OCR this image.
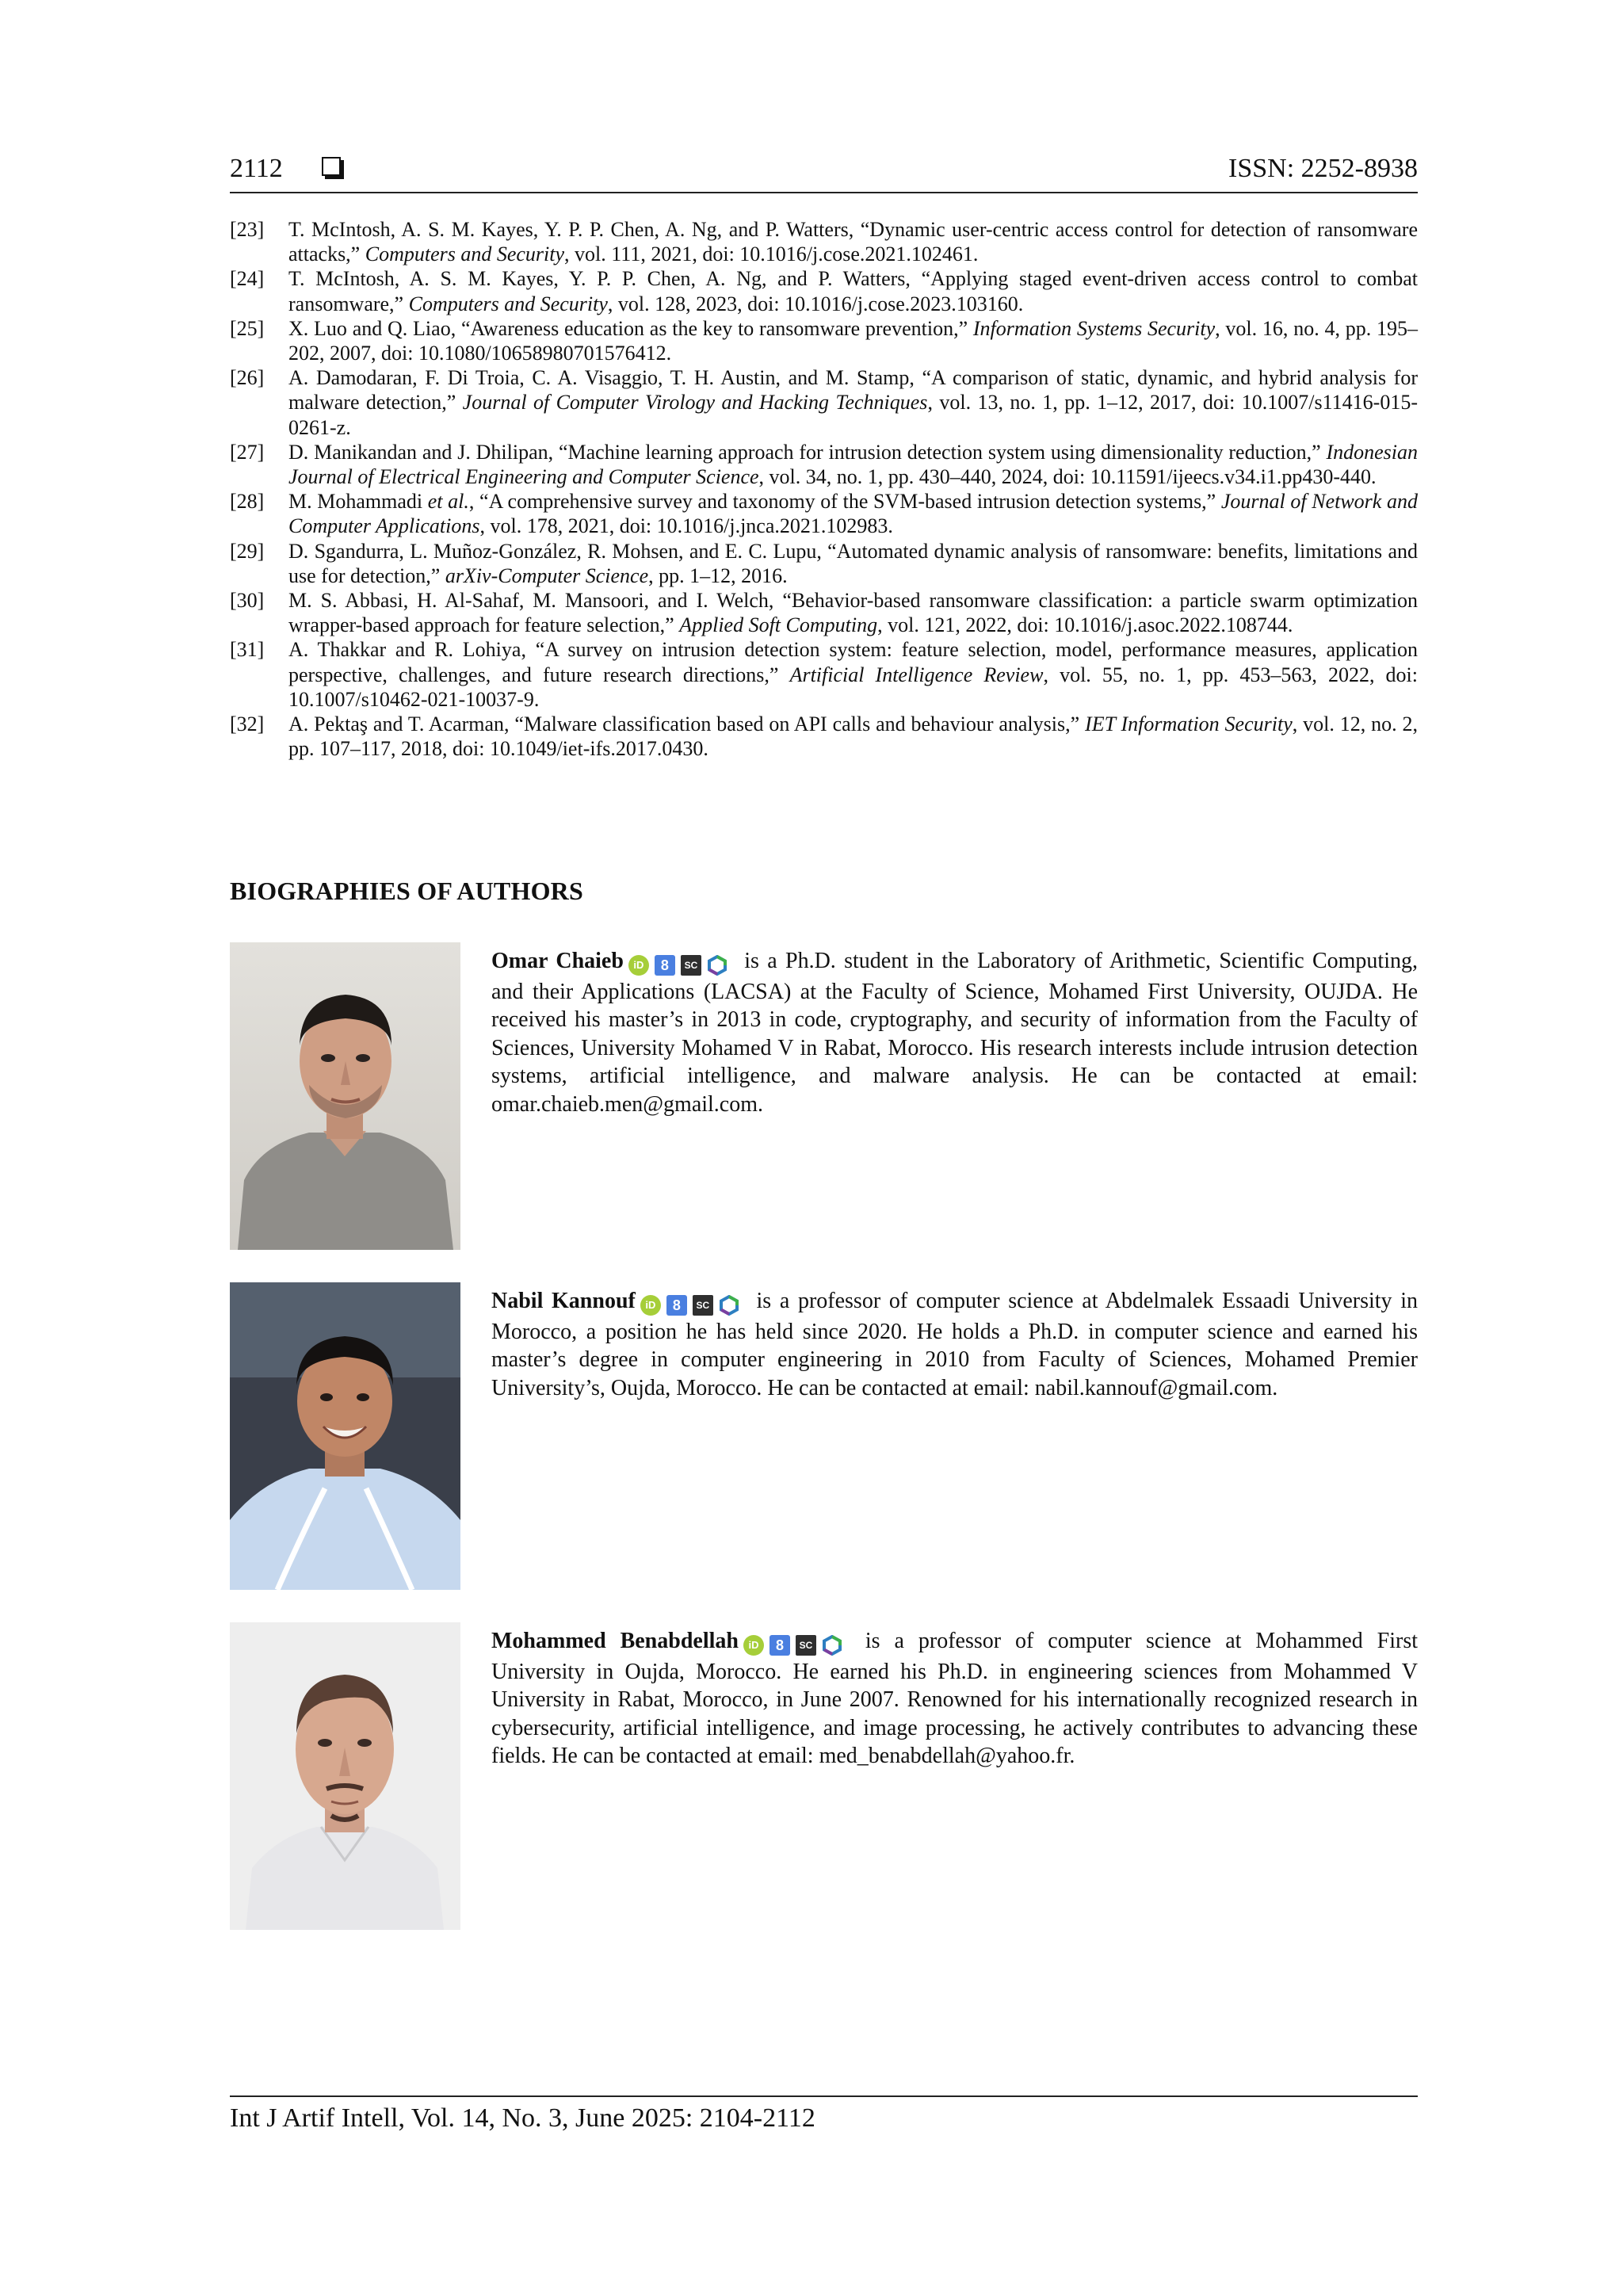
2112	ISSN: 2252-8938
[23]	T. McIntosh, A. S. M. Kayes, Y. P. P. Chen, A. Ng, and P. Watters, “Dynamic user-centric access control for detection of ransomware attacks,” Computers and Security, vol. 111, 2021, doi: 10.1016/j.cose.2021.102461.
[24]	T. McIntosh, A. S. M. Kayes, Y. P. P. Chen, A. Ng, and P. Watters, “Applying staged event-driven access control to combat ransomware,” Computers and Security, vol. 128, 2023, doi: 10.1016/j.cose.2023.103160.
[25]	X. Luo and Q. Liao, “Awareness education as the key to ransomware prevention,” Information Systems Security, vol. 16, no. 4, pp. 195–202, 2007, doi: 10.1080/10658980701576412.
[26]	A. Damodaran, F. Di Troia, C. A. Visaggio, T. H. Austin, and M. Stamp, “A comparison of static, dynamic, and hybrid analysis for malware detection,” Journal of Computer Virology and Hacking Techniques, vol. 13, no. 1, pp. 1–12, 2017, doi: 10.1007/s11416-015-0261-z.
[27]	D. Manikandan and J. Dhilipan, “Machine learning approach for intrusion detection system using dimensionality reduction,” Indonesian Journal of Electrical Engineering and Computer Science, vol. 34, no. 1, pp. 430–440, 2024, doi: 10.11591/ijeecs.v34.i1.pp430-440.
[28]	M. Mohammadi et al., “A comprehensive survey and taxonomy of the SVM-based intrusion detection systems,” Journal of Network and Computer Applications, vol. 178, 2021, doi: 10.1016/j.jnca.2021.102983.
[29]	D. Sgandurra, L. Muñoz-González, R. Mohsen, and E. C. Lupu, “Automated dynamic analysis of ransomware: benefits, limitations and use for detection,” arXiv-Computer Science, pp. 1–12, 2016.
[30]	M. S. Abbasi, H. Al-Sahaf, M. Mansoori, and I. Welch, “Behavior-based ransomware classification: a particle swarm optimization wrapper-based approach for feature selection,” Applied Soft Computing, vol. 121, 2022, doi: 10.1016/j.asoc.2022.108744.
[31]	A. Thakkar and R. Lohiya, “A survey on intrusion detection system: feature selection, model, performance measures, application perspective, challenges, and future research directions,” Artificial Intelligence Review, vol. 55, no. 1, pp. 453–563, 2022, doi: 10.1007/s10462-021-10037-9.
[32]	A. Pektaş and T. Acarman, “Malware classification based on API calls and behaviour analysis,” IET Information Security, vol. 12, no. 2, pp. 107–117, 2018, doi: 10.1049/iet-ifs.2017.0430.
BIOGRAPHIES OF AUTHORS
Omar Chaieb iD 8 SC is a Ph.D. student in the Laboratory of Arithmetic, Scientific Computing, and their Applications (LACSA) at the Faculty of Science, Mohamed First University, OUJDA. He received his master’s in 2013 in code, cryptography, and security of information from the Faculty of Sciences, University Mohamed V in Rabat, Morocco. His research interests include intrusion detection systems, artificial intelligence, and malware analysis. He can be contacted at email: omar.chaieb.men@gmail.com.
Nabil Kannouf iD 8 SC is a professor of computer science at Abdelmalek Essaadi University in Morocco, a position he has held since 2020. He holds a Ph.D. in computer science and earned his master’s degree in computer engineering in 2010 from Faculty of Sciences, Mohamed Premier University’s, Oujda, Morocco. He can be contacted at email: nabil.kannouf@gmail.com.
Mohammed Benabdellah iD 8 SC is a professor of computer science at Mohammed First University in Oujda, Morocco. He earned his Ph.D. in engineering sciences from Mohammed V University in Rabat, Morocco, in June 2007. Renowned for his internationally recognized research in cybersecurity, artificial intelligence, and image processing, he actively contributes to advancing these fields. He can be contacted at email: med_benabdellah@yahoo.fr.
Int J Artif Intell, Vol. 14, No. 3, June 2025: 2104-2112
